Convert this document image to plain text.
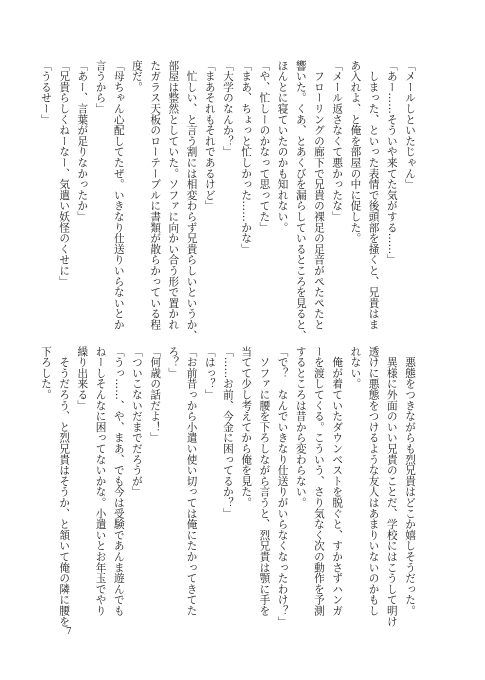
「メールしといたじゃん」
「あー……そういや来てた気がする……」
　しまった、といった表情で後頭部を掻くと、兄貴はま
あ入れよ、と俺を部屋の中に促した。
「メール返さなくて悪かったな」
　フローリングの廊下で兄貴の裸足の足音がぺたぺたと
響いた。くあ、とあくびを漏らしているところを見ると、
ほんとに寝ていたのかも知れない。
「や、忙しーのかなって思ってた」
「まあ、ちょっと忙しかった……かな」
「大学のなんか？」
「まあそれもそれであるけど」
　忙しい、と言う割には相変わらず兄貴らしいというか、
部屋は整然としていた。ソファに向かい合う形で置かれ
たガラス天板のローテーブルに書類が散らかっている程
度だ。
「母ちゃん心配してたぜ。いきなり仕送りいらないとか
言うから」
「あー、言葉が足りなかったか」
「兄貴らしくねーなー、気遣い妖怪のくせに」
「うるせー」
　悪態をつきながらも烈兄貴はどこか嬉しそうだった。
　異様に外面のいい兄貴のことだ、学校にはこうして明け
透けに悪態をつけるような友人はあまりいないのかもし
れない。
　俺が着ていたダウンベストを脱ぐと、すかさずハンガ
ーを渡してくる。こういう、さり気なく次の動作を予測
するところは昔から変わらない。
「で？　なんでいきなり仕送りがいらなくなったわけ？」
　ソファに腰を下ろしながら言うと、烈兄貴は顎に手を
当てて少し考えてから俺を見た。
「……お前、今金に困ってるか？」
「はっ？」
「お前昔っから小遣い使い切っては俺にたかってきてた
ろ？」
「何歳の話だよ！」
「ついこないだまでだろうが」
「うっ……、や、まあ、でも今は受験であんま遊んでも
ねーしそんなに困ってないかな。小遣いとお年玉でやり
繰り出来る」
　そうだろう、と烈兄貴はそうか、と頷いて俺の隣に腰を
下ろした。
7
